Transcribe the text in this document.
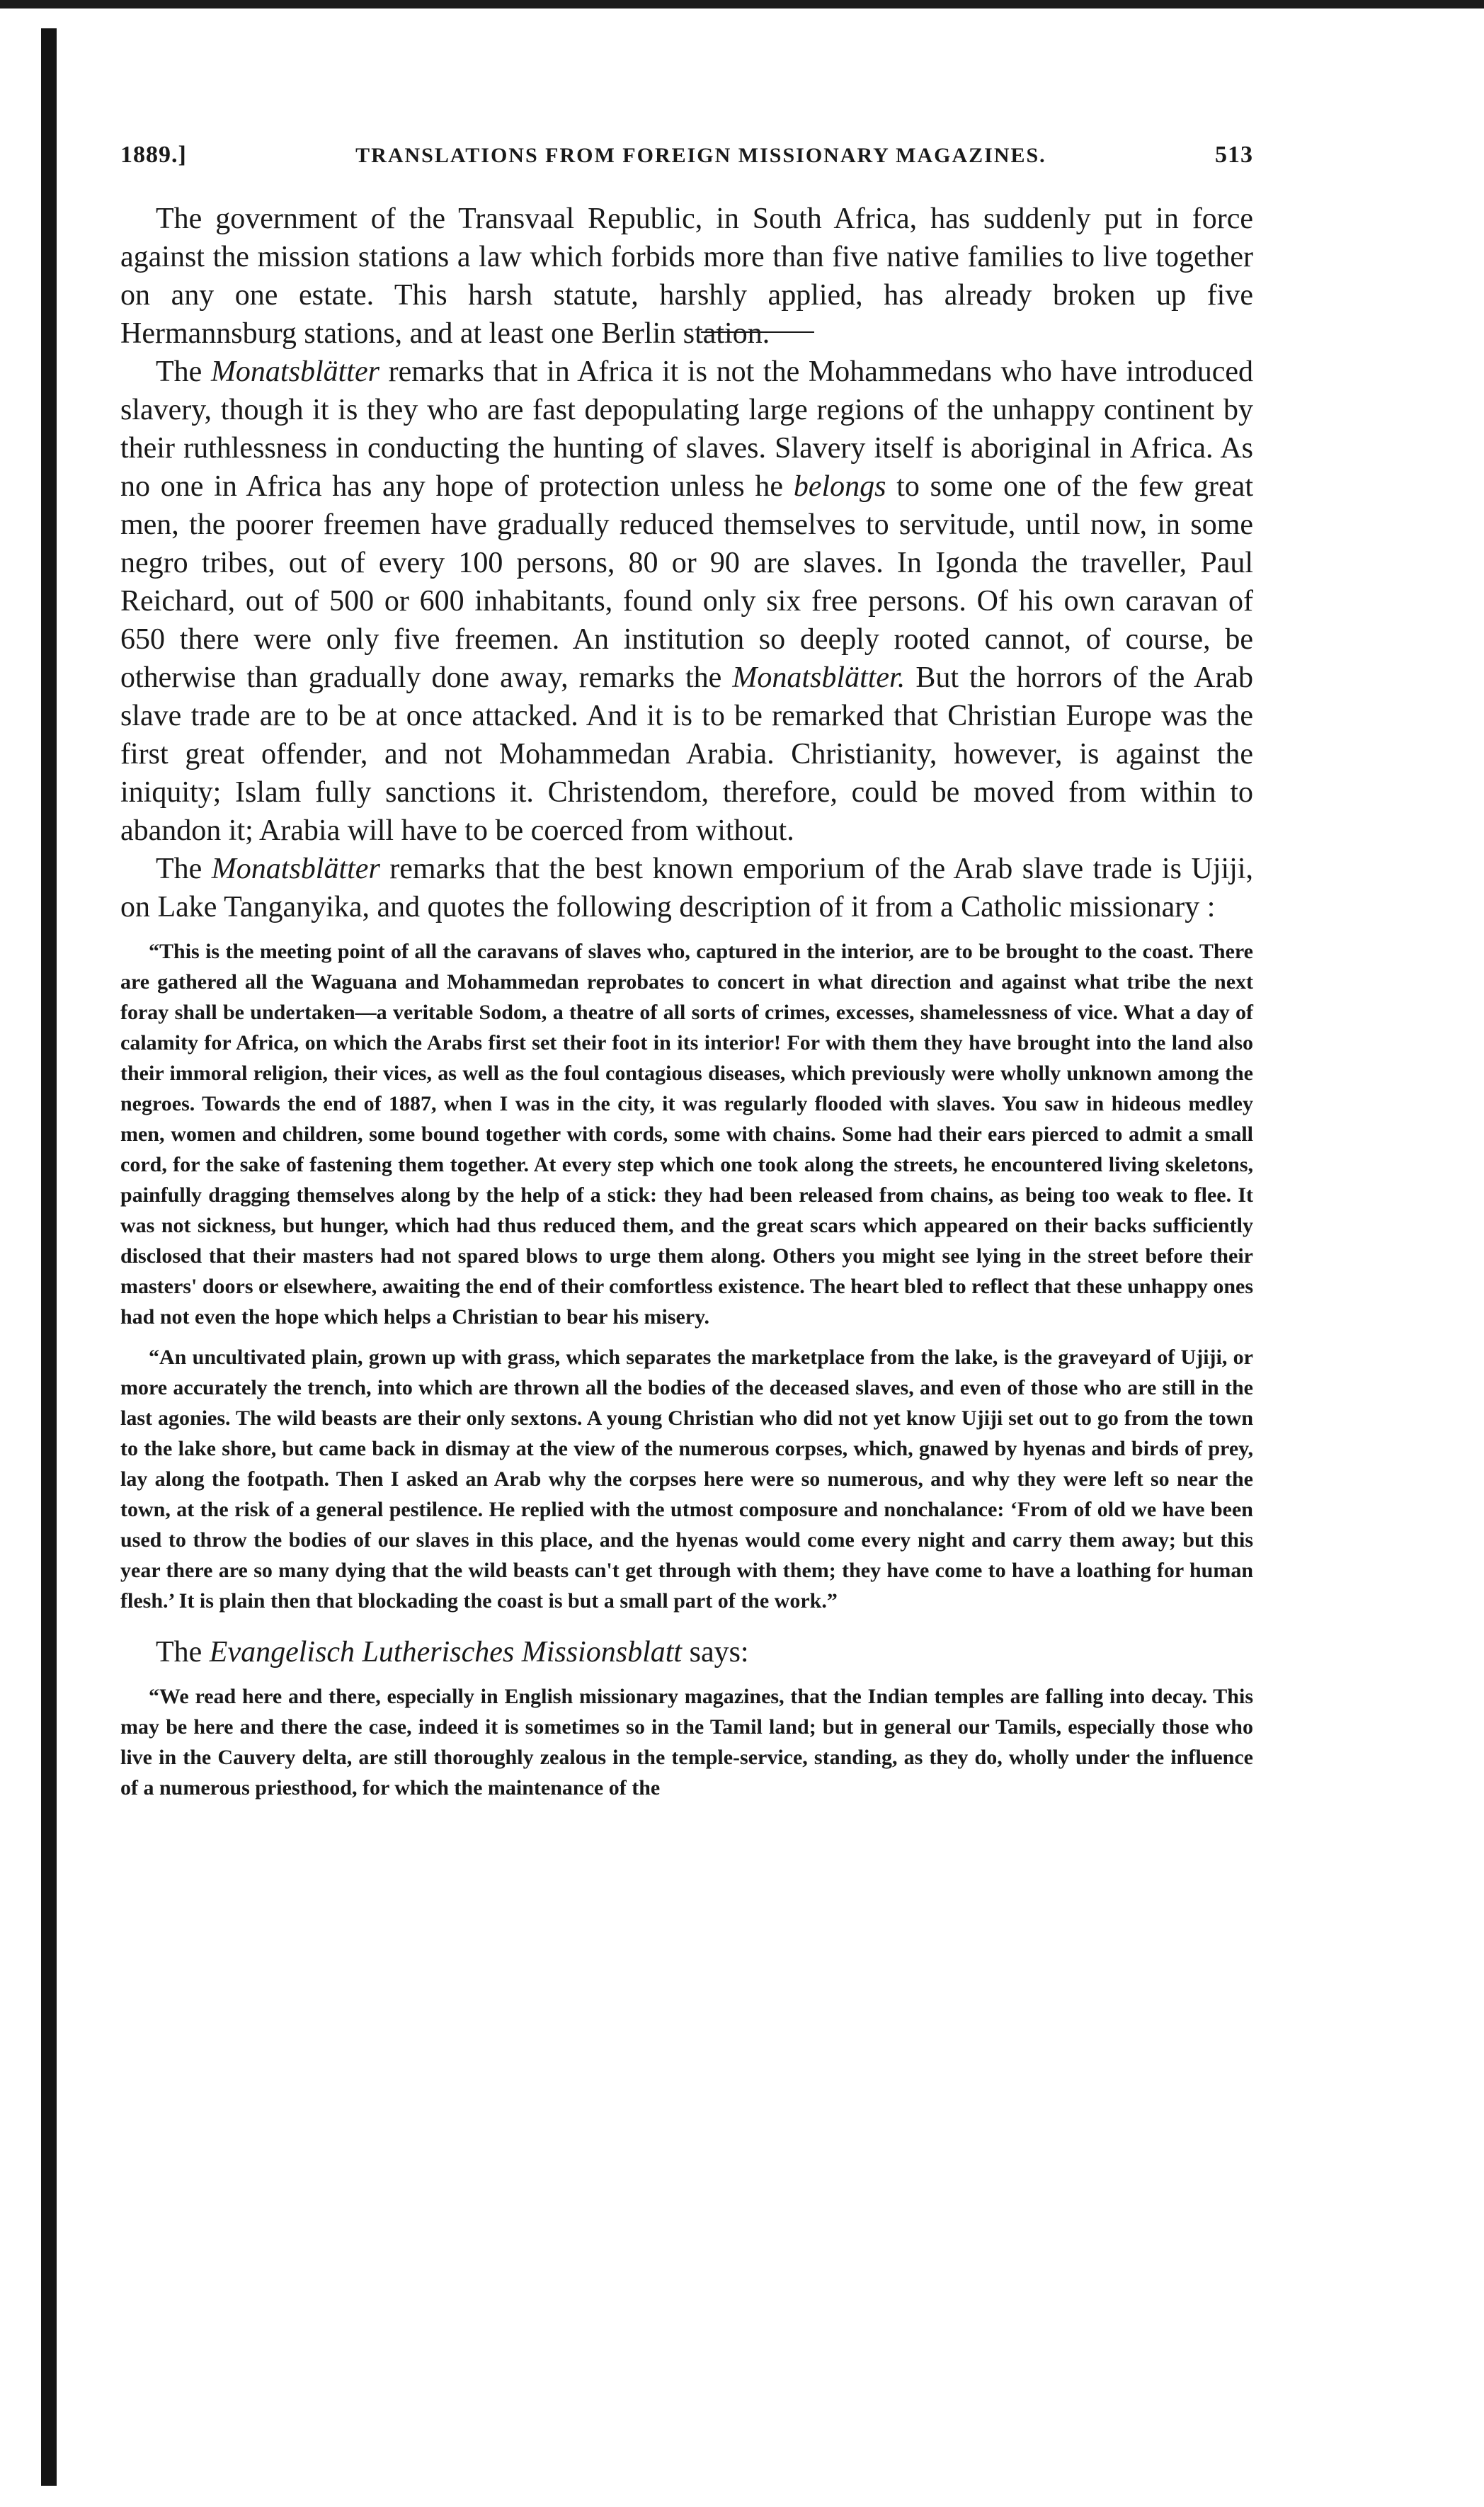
1889.]	TRANSLATIONS FROM FOREIGN MISSIONARY MAGAZINES.	513

The government of the Transvaal Republic, in South Africa, has suddenly put in force against the mission stations a law which forbids more than five native families to live together on any one estate. This harsh statute, harshly applied, has already broken up five Hermannsburg stations, and at least one Berlin station.

The Monatsblätter remarks that in Africa it is not the Mohammedans who have introduced slavery, though it is they who are fast depopulating large regions of the unhappy continent by their ruthlessness in conducting the hunting of slaves. Slavery itself is aboriginal in Africa. As no one in Africa has any hope of protection unless he belongs to some one of the few great men, the poorer freemen have gradually reduced themselves to servitude, until now, in some negro tribes, out of every 100 persons, 80 or 90 are slaves. In Igonda the traveller, Paul Reichard, out of 500 or 600 inhabitants, found only six free persons. Of his own caravan of 650 there were only five freemen. An institution so deeply rooted cannot, of course, be otherwise than gradually done away, remarks the Monatsblätter. But the horrors of the Arab slave trade are to be at once attacked. And it is to be remarked that Christian Europe was the first great offender, and not Mohammedan Arabia. Christianity, however, is against the iniquity; Islam fully sanctions it. Christendom, therefore, could be moved from within to abandon it; Arabia will have to be coerced from without.

The Monatsblätter remarks that the best known emporium of the Arab slave trade is Ujiji, on Lake Tanganyika, and quotes the following description of it from a Catholic missionary :

“This is the meeting point of all the caravans of slaves who, captured in the interior, are to be brought to the coast. There are gathered all the Waguana and Mohammedan reprobates to concert in what direction and against what tribe the next foray shall be undertaken—a veritable Sodom, a theatre of all sorts of crimes, excesses, shamelessness of vice. What a day of calamity for Africa, on which the Arabs first set their foot in its interior! For with them they have brought into the land also their immoral religion, their vices, as well as the foul contagious diseases, which previously were wholly unknown among the negroes. Towards the end of 1887, when I was in the city, it was regularly flooded with slaves. You saw in hideous medley men, women and children, some bound together with cords, some with chains. Some had their ears pierced to admit a small cord, for the sake of fastening them together. At every step which one took along the streets, he encountered living skeletons, painfully dragging themselves along by the help of a stick: they had been released from chains, as being too weak to flee. It was not sickness, but hunger, which had thus reduced them, and the great scars which appeared on their backs sufficiently disclosed that their masters had not spared blows to urge them along. Others you might see lying in the street before their masters' doors or elsewhere, awaiting the end of their comfortless existence. The heart bled to reflect that these unhappy ones had not even the hope which helps a Christian to bear his misery.

“An uncultivated plain, grown up with grass, which separates the marketplace from the lake, is the graveyard of Ujiji, or more accurately the trench, into which are thrown all the bodies of the deceased slaves, and even of those who are still in the last agonies. The wild beasts are their only sextons. A young Christian who did not yet know Ujiji set out to go from the town to the lake shore, but came back in dismay at the view of the numerous corpses, which, gnawed by hyenas and birds of prey, lay along the footpath. Then I asked an Arab why the corpses here were so numerous, and why they were left so near the town, at the risk of a general pestilence. He replied with the utmost composure and nonchalance: ‘From of old we have been used to throw the bodies of our slaves in this place, and the hyenas would come every night and carry them away; but this year there are so many dying that the wild beasts can't get through with them; they have come to have a loathing for human flesh.’ It is plain then that blockading the coast is but a small part of the work.”

The Evangelisch Lutherisches Missionsblatt says:

“We read here and there, especially in English missionary magazines, that the Indian temples are falling into decay. This may be here and there the case, indeed it is sometimes so in the Tamil land; but in general our Tamils, especially those who live in the Cauvery delta, are still thoroughly zealous in the temple-service, standing, as they do, wholly under the influence of a numerous priesthood, for which the maintenance of the
